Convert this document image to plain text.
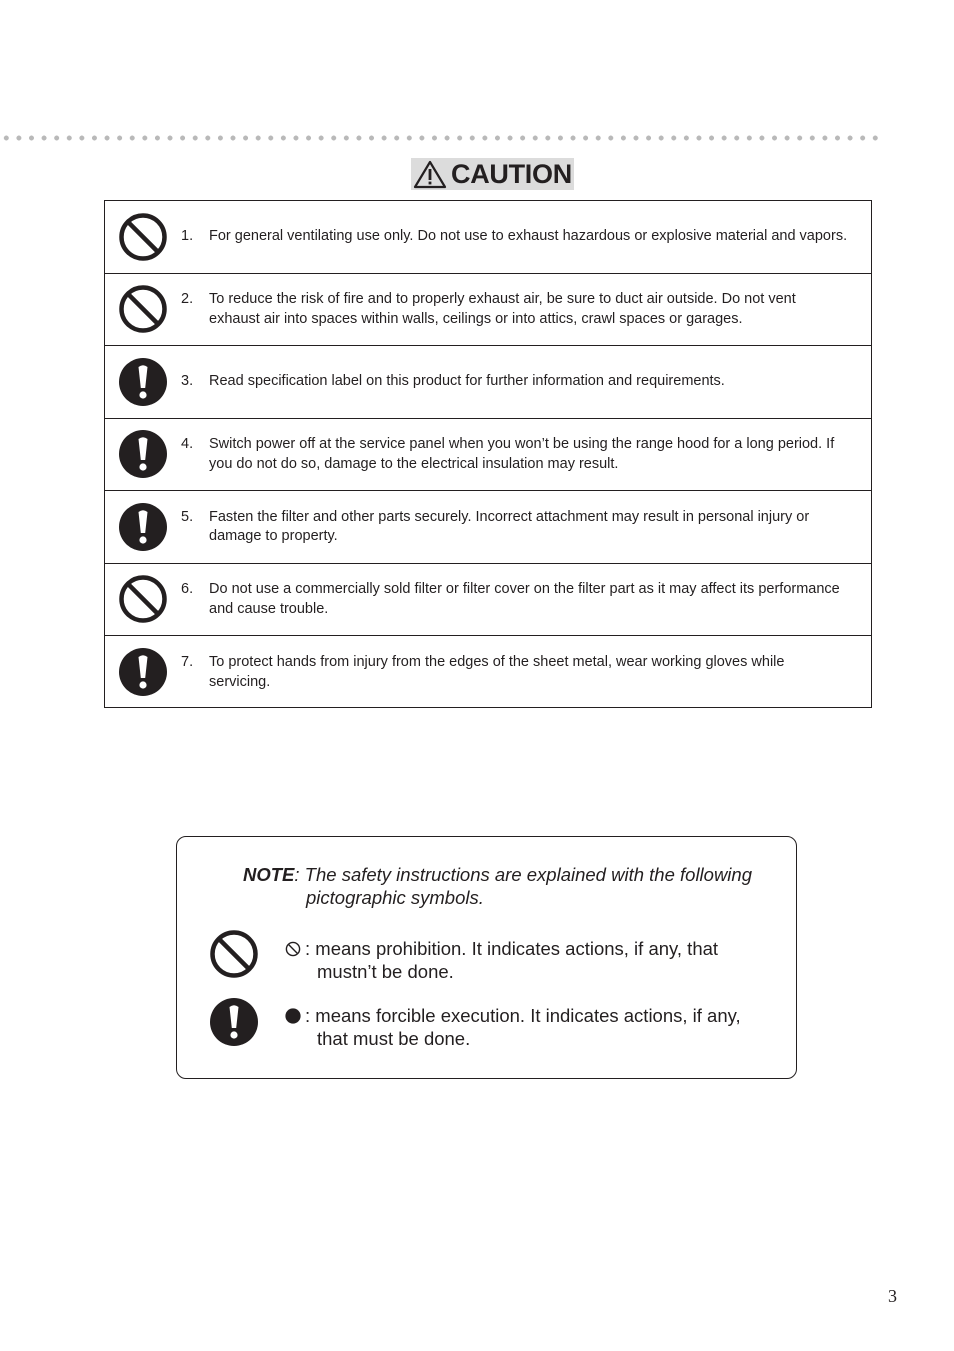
CAUTION
1. For general ventilating use only. Do not use to exhaust hazardous or explosive material and vapors.
2. To reduce the risk of fire and to properly exhaust air, be sure to duct air outside. Do not vent exhaust air into spaces within walls, ceilings or into attics, crawl spaces or garages.
3. Read specification label on this product for further information and requirements.
4. Switch power off at the service panel when you won’t be using the range hood for a long period. If you do not do so, damage to the electrical insulation may result.
5. Fasten the filter and other parts securely. Incorrect attachment may result in personal injury or damage to property.
6. Do not use a commercially sold filter or filter cover on the filter part as it may affect its performance and cause trouble.
7. To protect hands from injury from the edges of the sheet metal, wear working gloves while servicing.
NOTE: The safety instructions are explained with the following
pictographic symbols.
: means prohibition. It indicates actions, if any, that
mustn’t be done.
: means forcible execution. It indicates actions, if any,
that must be done.
3
